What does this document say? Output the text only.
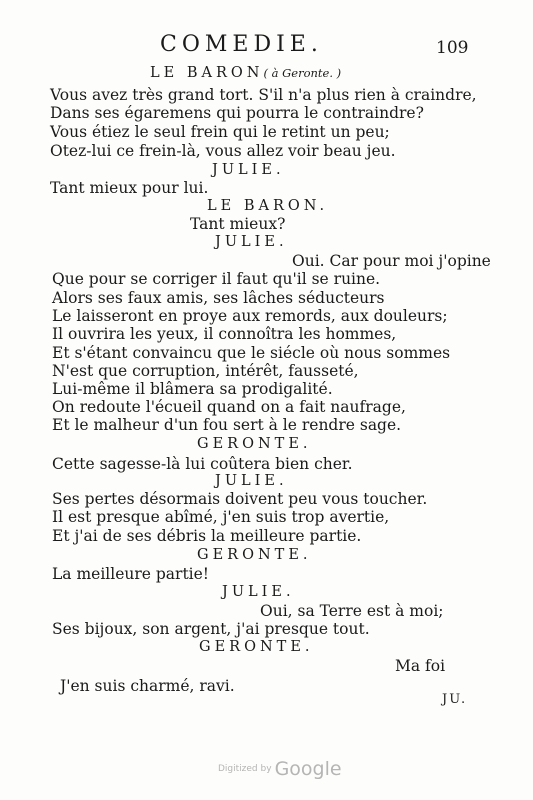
COMEDIE.	109
LE BARON( à Geronte. )
Vous avez très grand tort. S'il n'a plus rien à craindre,
Dans ses égaremens qui pourra le contraindre?
Vous étiez le seul frein qui le retint un peu;
Otez-lui ce frein-là, vous allez voir beau jeu.
JULIE.
Tant mieux pour lui.
LE BARON.
Tant mieux?
JULIE.
Oui. Car pour moi j'opine
Que pour se corriger il faut qu'il se ruine.
Alors ses faux amis, ses lâches séducteurs
Le laisseront en proye aux remords, aux douleurs;
Il ouvrira les yeux, il connoîtra les hommes,
Et s'étant convaincu que le siécle où nous sommes
N'est que corruption, intérêt, fausseté,
Lui-même il blâmera sa prodigalité.
On redoute l'écueil quand on a fait naufrage,
Et le malheur d'un fou sert à le rendre sage.
GERONTE.
Cette sagesse-là lui coûtera bien cher.
JULIE.
Ses pertes désormais doivent peu vous toucher.
Il est presque abîmé, j'en suis trop avertie,
Et j'ai de ses débris la meilleure partie.
GERONTE.
La meilleure partie!
JULIE.
Oui, sa Terre est à moi;
Ses bijoux, son argent, j'ai presque tout.
GERONTE.
Ma foi
J'en suis charmé, ravi.
JU.
Digitized by Google
